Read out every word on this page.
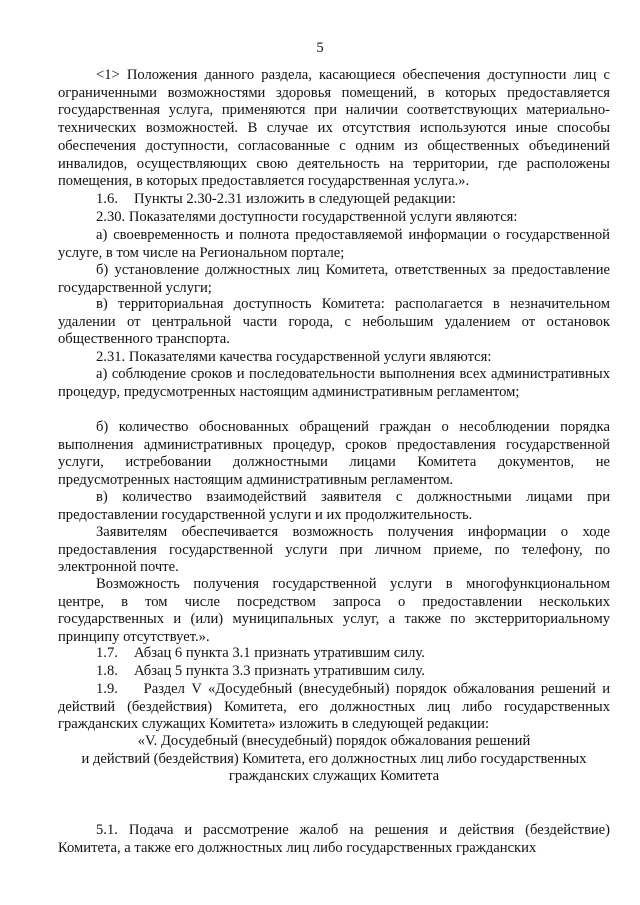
5

<1> Положения данного раздела, касающиеся обеспечения доступности лиц с ограниченными возможностями здоровья помещений, в которых предоставляется государственная услуга, применяются при наличии соответствующих материально-технических возможностей. В случае их отсутствия используются иные способы обеспечения доступности, согласованные с одним из общественных объединений инвалидов, осуществляющих свою деятельность на территории, где расположены помещения, в которых предоставляется государственная услуга.».

1.6. Пункты 2.30-2.31 изложить в следующей редакции:

2.30. Показателями доступности государственной услуги являются:

а) своевременность и полнота предоставляемой информации о государственной услуге, в том числе на Региональном портале;

б) установление должностных лиц Комитета, ответственных за предоставление государственной услуги;

в) территориальная доступность Комитета: располагается в незначительном удалении от центральной части города, с небольшим удалением от остановок общественного транспорта.

2.31. Показателями качества государственной услуги являются:

а) соблюдение сроков и последовательности выполнения всех административных процедур, предусмотренных настоящим административным регламентом;

б) количество обоснованных обращений граждан о несоблюдении порядка выполнения административных процедур, сроков предоставления государственной услуги, истребовании должностными лицами Комитета документов, не предусмотренных настоящим административным регламентом.

в) количество взаимодействий заявителя с должностными лицами при предоставлении государственной услуги и их продолжительность.

Заявителям обеспечивается возможность получения информации о ходе предоставления государственной услуги при личном приеме, по телефону, по электронной почте.

Возможность получения государственной услуги в многофункциональном центре, в том числе посредством запроса о предоставлении нескольких государственных и (или) муниципальных услуг, а также по экстерриториальному принципу отсутствует.».

1.7. Абзац 6 пункта 3.1 признать утратившим силу.

1.8. Абзац 5 пункта 3.3 признать утратившим силу.

1.9.    Раздел V «Досудебный (внесудебный) порядок обжалования решений и действий (бездействия) Комитета, его должностных лиц либо государственных гражданских служащих Комитета» изложить в следующей редакции:

«V. Досудебный (внесудебный) порядок обжалования решений
и действий (бездействия) Комитета, его должностных лиц либо государственных
гражданских служащих Комитета

5.1. Подача и рассмотрение жалоб на решения и действия (бездействие) Комитета, а также его должностных лиц либо государственных гражданских
